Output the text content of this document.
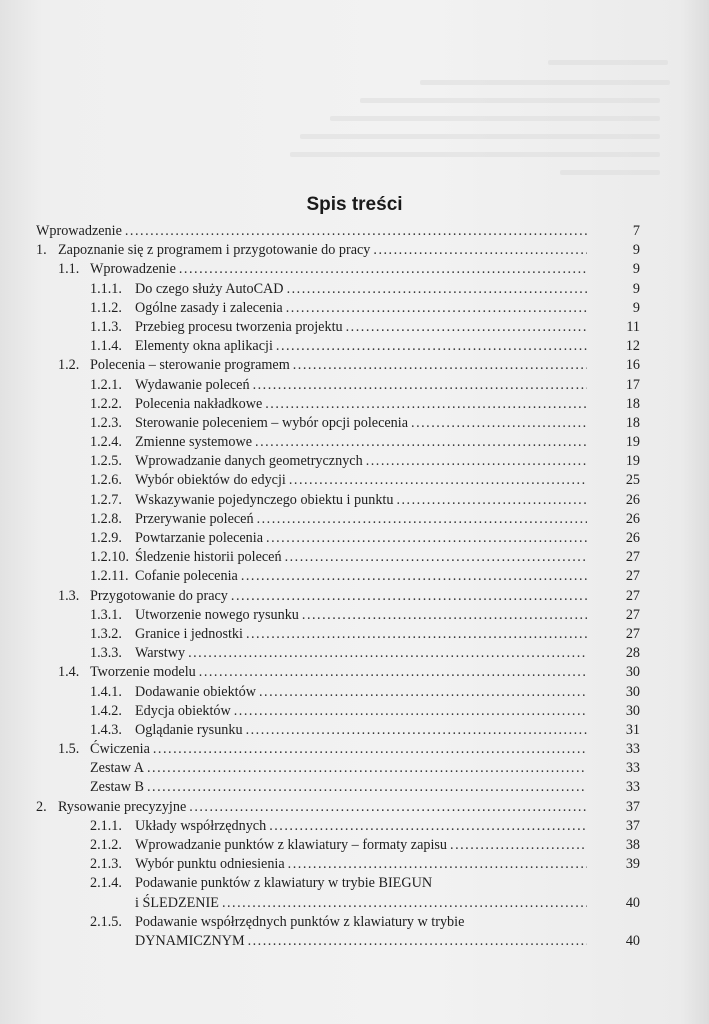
Spis treści
Wprowadzenie .....	7
1. Zapoznanie się z programem i przygotowanie do pracy .....	9
1.1. Wprowadzenie .....	9
1.1.1. Do czego służy AutoCAD .....	9
1.1.2. Ogólne zasady i zalecenia .....	9
1.1.3. Przebieg procesu tworzenia projektu .....	11
1.1.4. Elementy okna aplikacji .....	12
1.2. Polecenia – sterowanie programem .....	16
1.2.1. Wydawanie poleceń .....	17
1.2.2. Polecenia nakładkowe .....	18
1.2.3. Sterowanie poleceniem – wybór opcji polecenia .....	18
1.2.4. Zmienne systemowe .....	19
1.2.5. Wprowadzanie danych geometrycznych .....	19
1.2.6. Wybór obiektów do edycji .....	25
1.2.7. Wskazywanie pojedynczego obiektu i punktu .....	26
1.2.8. Przerywanie poleceń .....	26
1.2.9. Powtarzanie polecenia .....	26
1.2.10. Śledzenie historii poleceń .....	27
1.2.11. Cofanie polecenia .....	27
1.3. Przygotowanie do pracy .....	27
1.3.1. Utworzenie nowego rysunku .....	27
1.3.2. Granice i jednostki .....	27
1.3.3. Warstwy .....	28
1.4. Tworzenie modelu .....	30
1.4.1. Dodawanie obiektów .....	30
1.4.2. Edycja obiektów .....	30
1.4.3. Oglądanie rysunku .....	31
1.5. Ćwiczenia .....	33
Zestaw A .....	33
Zestaw B .....	33
2. Rysowanie precyzyjne .....	37
2.1.1. Układy współrzędnych .....	37
2.1.2. Wprowadzanie punktów z klawiatury – formaty zapisu .....	38
2.1.3. Wybór punktu odniesienia .....	39
2.1.4. Podawanie punktów z klawiatury w trybie BIEGUN
i ŚLEDZENIE .....	40
2.1.5. Podawanie współrzędnych punktów z klawiatury w trybie
DYNAMICZNYM .....	40
